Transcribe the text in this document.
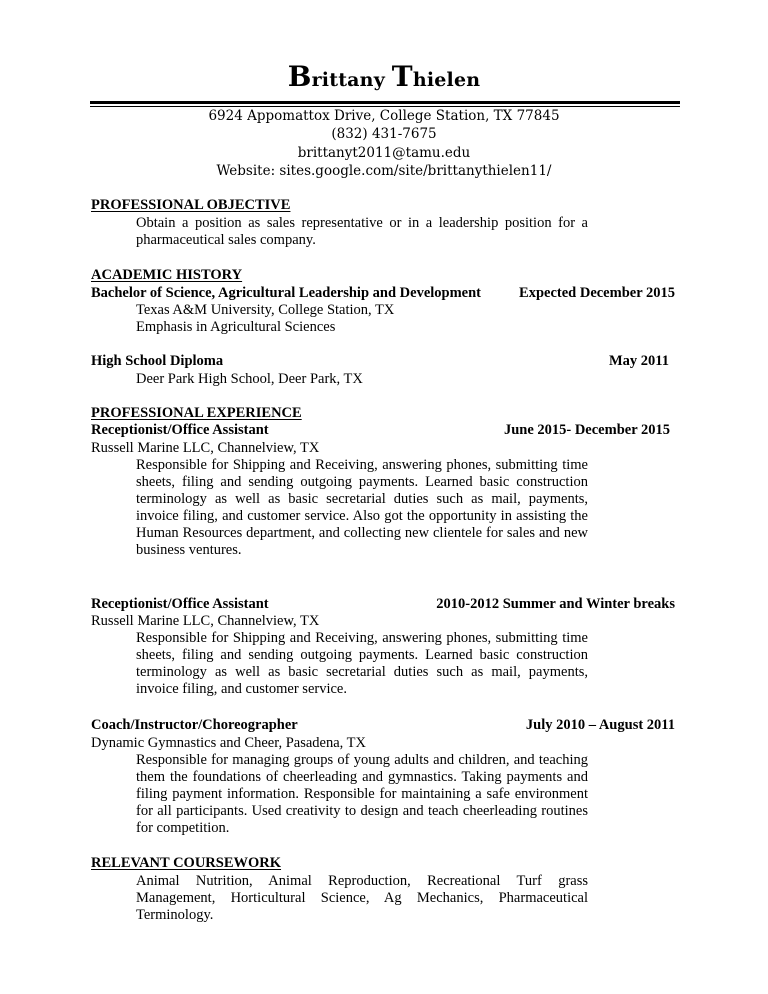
Brittany Thielen
6924 Appomattox Drive, College Station, TX 77845
(832) 431-7675
brittanyt2011@tamu.edu
Website: sites.google.com/site/brittanythielen11/
PROFESSIONAL OBJECTIVE
Obtain a position as sales representative or in a leadership position for a pharmaceutical sales company.
ACADEMIC HISTORY
Bachelor of Science, Agricultural Leadership and Development	Expected December 2015
Texas A&M University, College Station, TX
Emphasis in Agricultural Sciences
High School Diploma	May 2011
Deer Park High School, Deer Park, TX
PROFESSIONAL EXPERIENCE
Receptionist/Office Assistant	June 2015- December 2015
Russell Marine LLC, Channelview, TX
Responsible for Shipping and Receiving, answering phones, submitting time sheets, filing and sending outgoing payments. Learned basic construction terminology as well as basic secretarial duties such as mail, payments, invoice filing, and customer service. Also got the opportunity in assisting the Human Resources department, and collecting new clientele for sales and new business ventures.
Receptionist/Office Assistant	2010-2012 Summer and Winter breaks
Russell Marine LLC, Channelview, TX
Responsible for Shipping and Receiving, answering phones, submitting time sheets, filing and sending outgoing payments. Learned basic construction terminology as well as basic secretarial duties such as mail, payments, invoice filing, and customer service.
Coach/Instructor/Choreographer	July 2010 – August 2011
Dynamic Gymnastics and Cheer, Pasadena, TX
Responsible for managing groups of young adults and children, and teaching them the foundations of cheerleading and gymnastics. Taking payments and filing payment information. Responsible for maintaining a safe environment for all participants. Used creativity to design and teach cheerleading routines for competition.
RELEVANT COURSEWORK
Animal Nutrition, Animal Reproduction, Recreational Turf grass Management, Horticultural Science, Ag Mechanics, Pharmaceutical Terminology.
